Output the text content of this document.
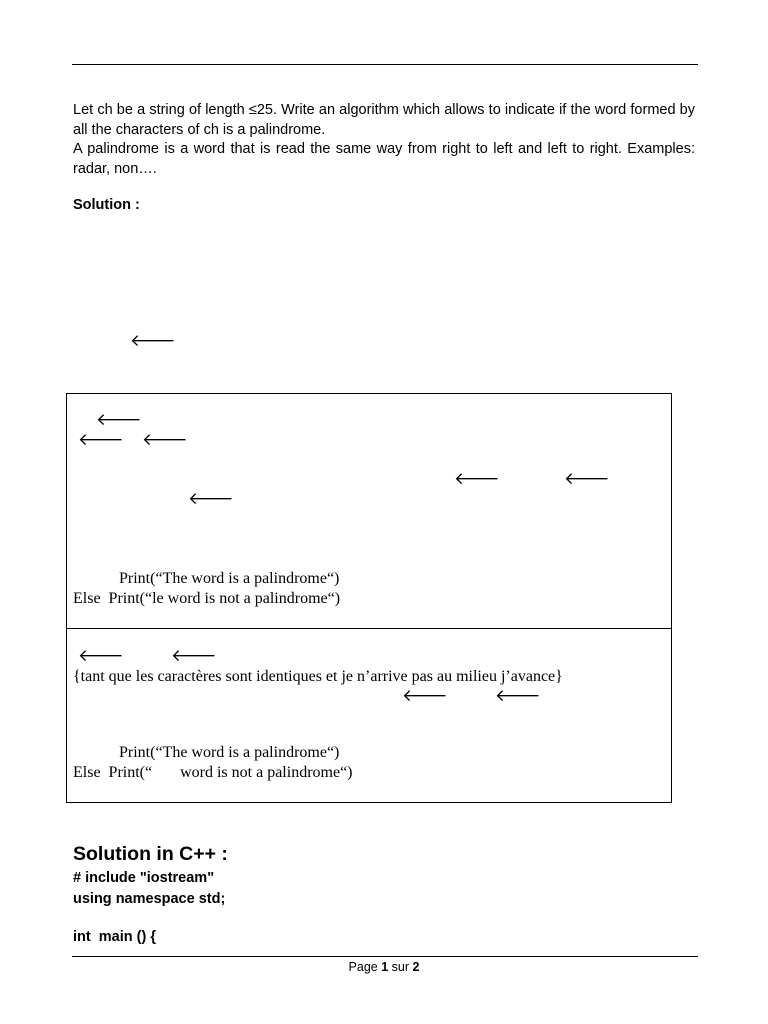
Let ch be a string of length ≤25. Write an algorithm which allows to indicate if the word formed by all the characters of ch is a palindrome.

A palindrome is a word that is read the same way from right to left and left to right. Examples: radar, non….

Solution :
🡐
🡐
🡐 🡐
🡐	🡐
🡐
Print(“The word is a palindrome“)
Else  Print(“le word is not a palindrome“)
🡐	🡐
{tant que les caractères sont identiques et je n’arrive pas au milieu j’avance}
🡐	🡐
Print(“The word is a palindrome“)
Else  Print(“       word is not a palindrome“)
Solution in C++ :
# include "iostream"
using namespace std;
int  main () {
Page 1 sur 2
